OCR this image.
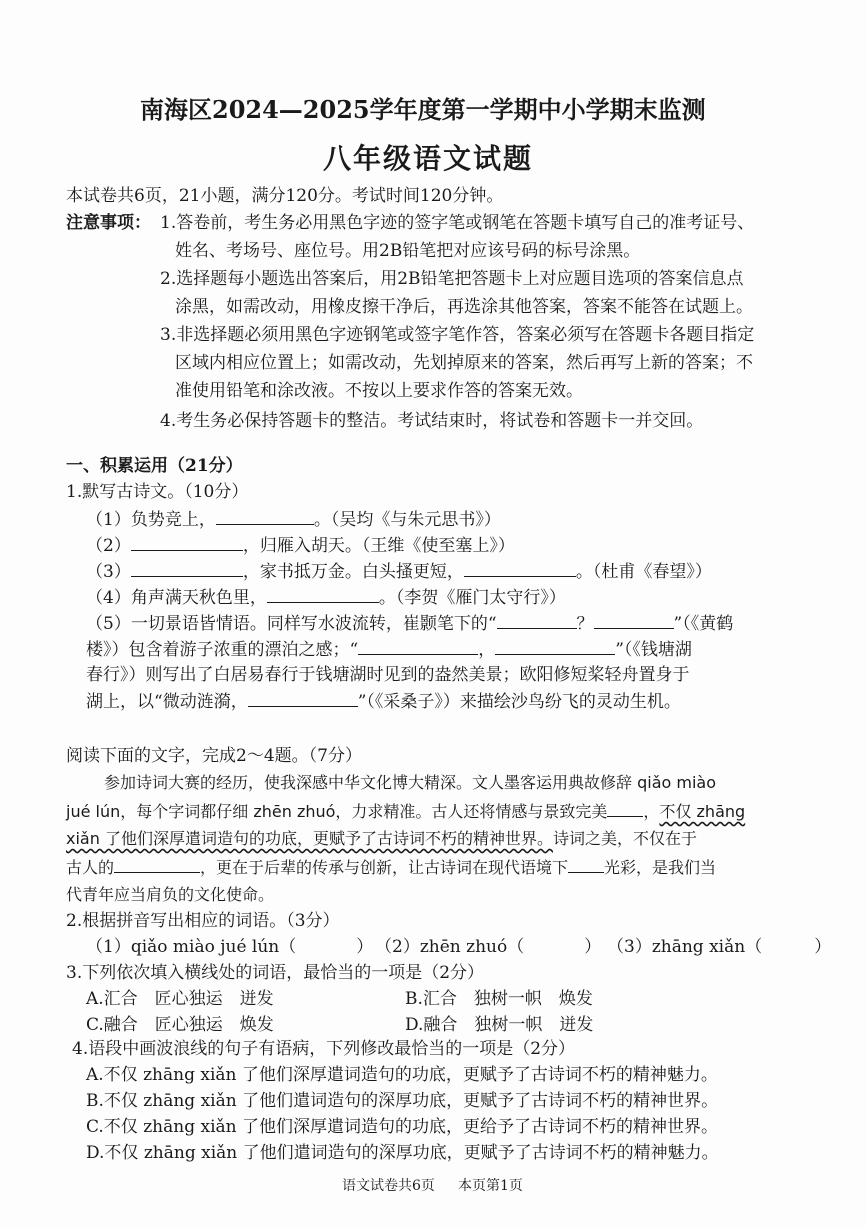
南海区2024—2025学年度第一学期中小学期末监测
八年级语文试题
本试卷共6页，21小题，满分120分。考试时间120分钟。
注意事项： 1.答卷前，考生务必用黑色字迹的签字笔或钢笔在答题卡填写自己的准考证号、
姓名、考场号、座位号。用2B铅笔把对应该号码的标号涂黑。
2.选择题每小题选出答案后，用2B铅笔把答题卡上对应题目选项的答案信息点
涂黑，如需改动，用橡皮擦干净后，再选涂其他答案，答案不能答在试题上。
3.非选择题必须用黑色字迹钢笔或签字笔作答，答案必须写在答题卡各题目指定
区域内相应位置上；如需改动，先划掉原来的答案，然后再写上新的答案；不
准使用铅笔和涂改液。不按以上要求作答的答案无效。
4.考生务必保持答题卡的整洁。考试结束时，将试卷和答题卡一并交回。
一、积累运用（21分）
1.默写古诗文。（10分）
（1）负势竞上，	。（吴均《与朱元思书》）
（2）	，归雁入胡天。（王维《使至塞上》）
（3）	，家书抵万金。白头搔更短，	。（杜甫《春望》）
（4）角声满天秋色里，	。（李贺《雁门太守行》）
（5）一切景语皆情语。同样写水波流转，崔颢笔下的“	？	”（《黄鹤
楼》）包含着游子浓重的漂泊之感；“	，	”（《钱塘湖
春行》）则写出了白居易春行于钱塘湖时见到的盎然美景；欧阳修短桨轻舟置身于
湖上，以“微动涟漪，	”（《采桑子》）来描绘沙鸟纷飞的灵动生机。
阅读下面的文字，完成2～4题。（7分）
参加诗词大赛的经历，使我深感中华文化博大精深。文人墨客运用典故修辞 qiǎo miào
jué lún，每个字词都仔细 zhēn zhuó，力求精准。古人还将情感与景致完美 ，不仅 zhāng
xiǎn 了他们深厚遣词造句的功底，更赋予了古诗词不朽的精神世界。诗词之美，不仅在于
古人的	，更在于后辈的传承与创新，让古诗词在现代语境下 光彩，是我们当
代青年应当肩负的文化使命。
2.根据拼音写出相应的词语。（3分）
（1）qiǎo miào jué lún（	） （2）zhēn zhuó（	） （3）zhāng xiǎn（	）
3.下列依次填入横线处的词语，最恰当的一项是（2分）
A.汇合　匠心独运　迸发	B.汇合　独树一帜　焕发
C.融合　匠心独运　焕发	D.融合　独树一帜　迸发
4.语段中画波浪线的句子有语病，下列修改最恰当的一项是（2分）
A.不仅 zhāng xiǎn 了他们深厚遣词造句的功底，更赋予了古诗词不朽的精神魅力。
B.不仅 zhāng xiǎn 了他们遣词造句的深厚功底，更赋予了古诗词不朽的精神世界。
C.不仅 zhāng xiǎn 了他们深厚遣词造句的功底，更给予了古诗词不朽的精神世界。
D.不仅 zhāng xiǎn 了他们遣词造句的深厚功底，更赋予了古诗词不朽的精神魅力。
语文试卷共6页 本页第1页
